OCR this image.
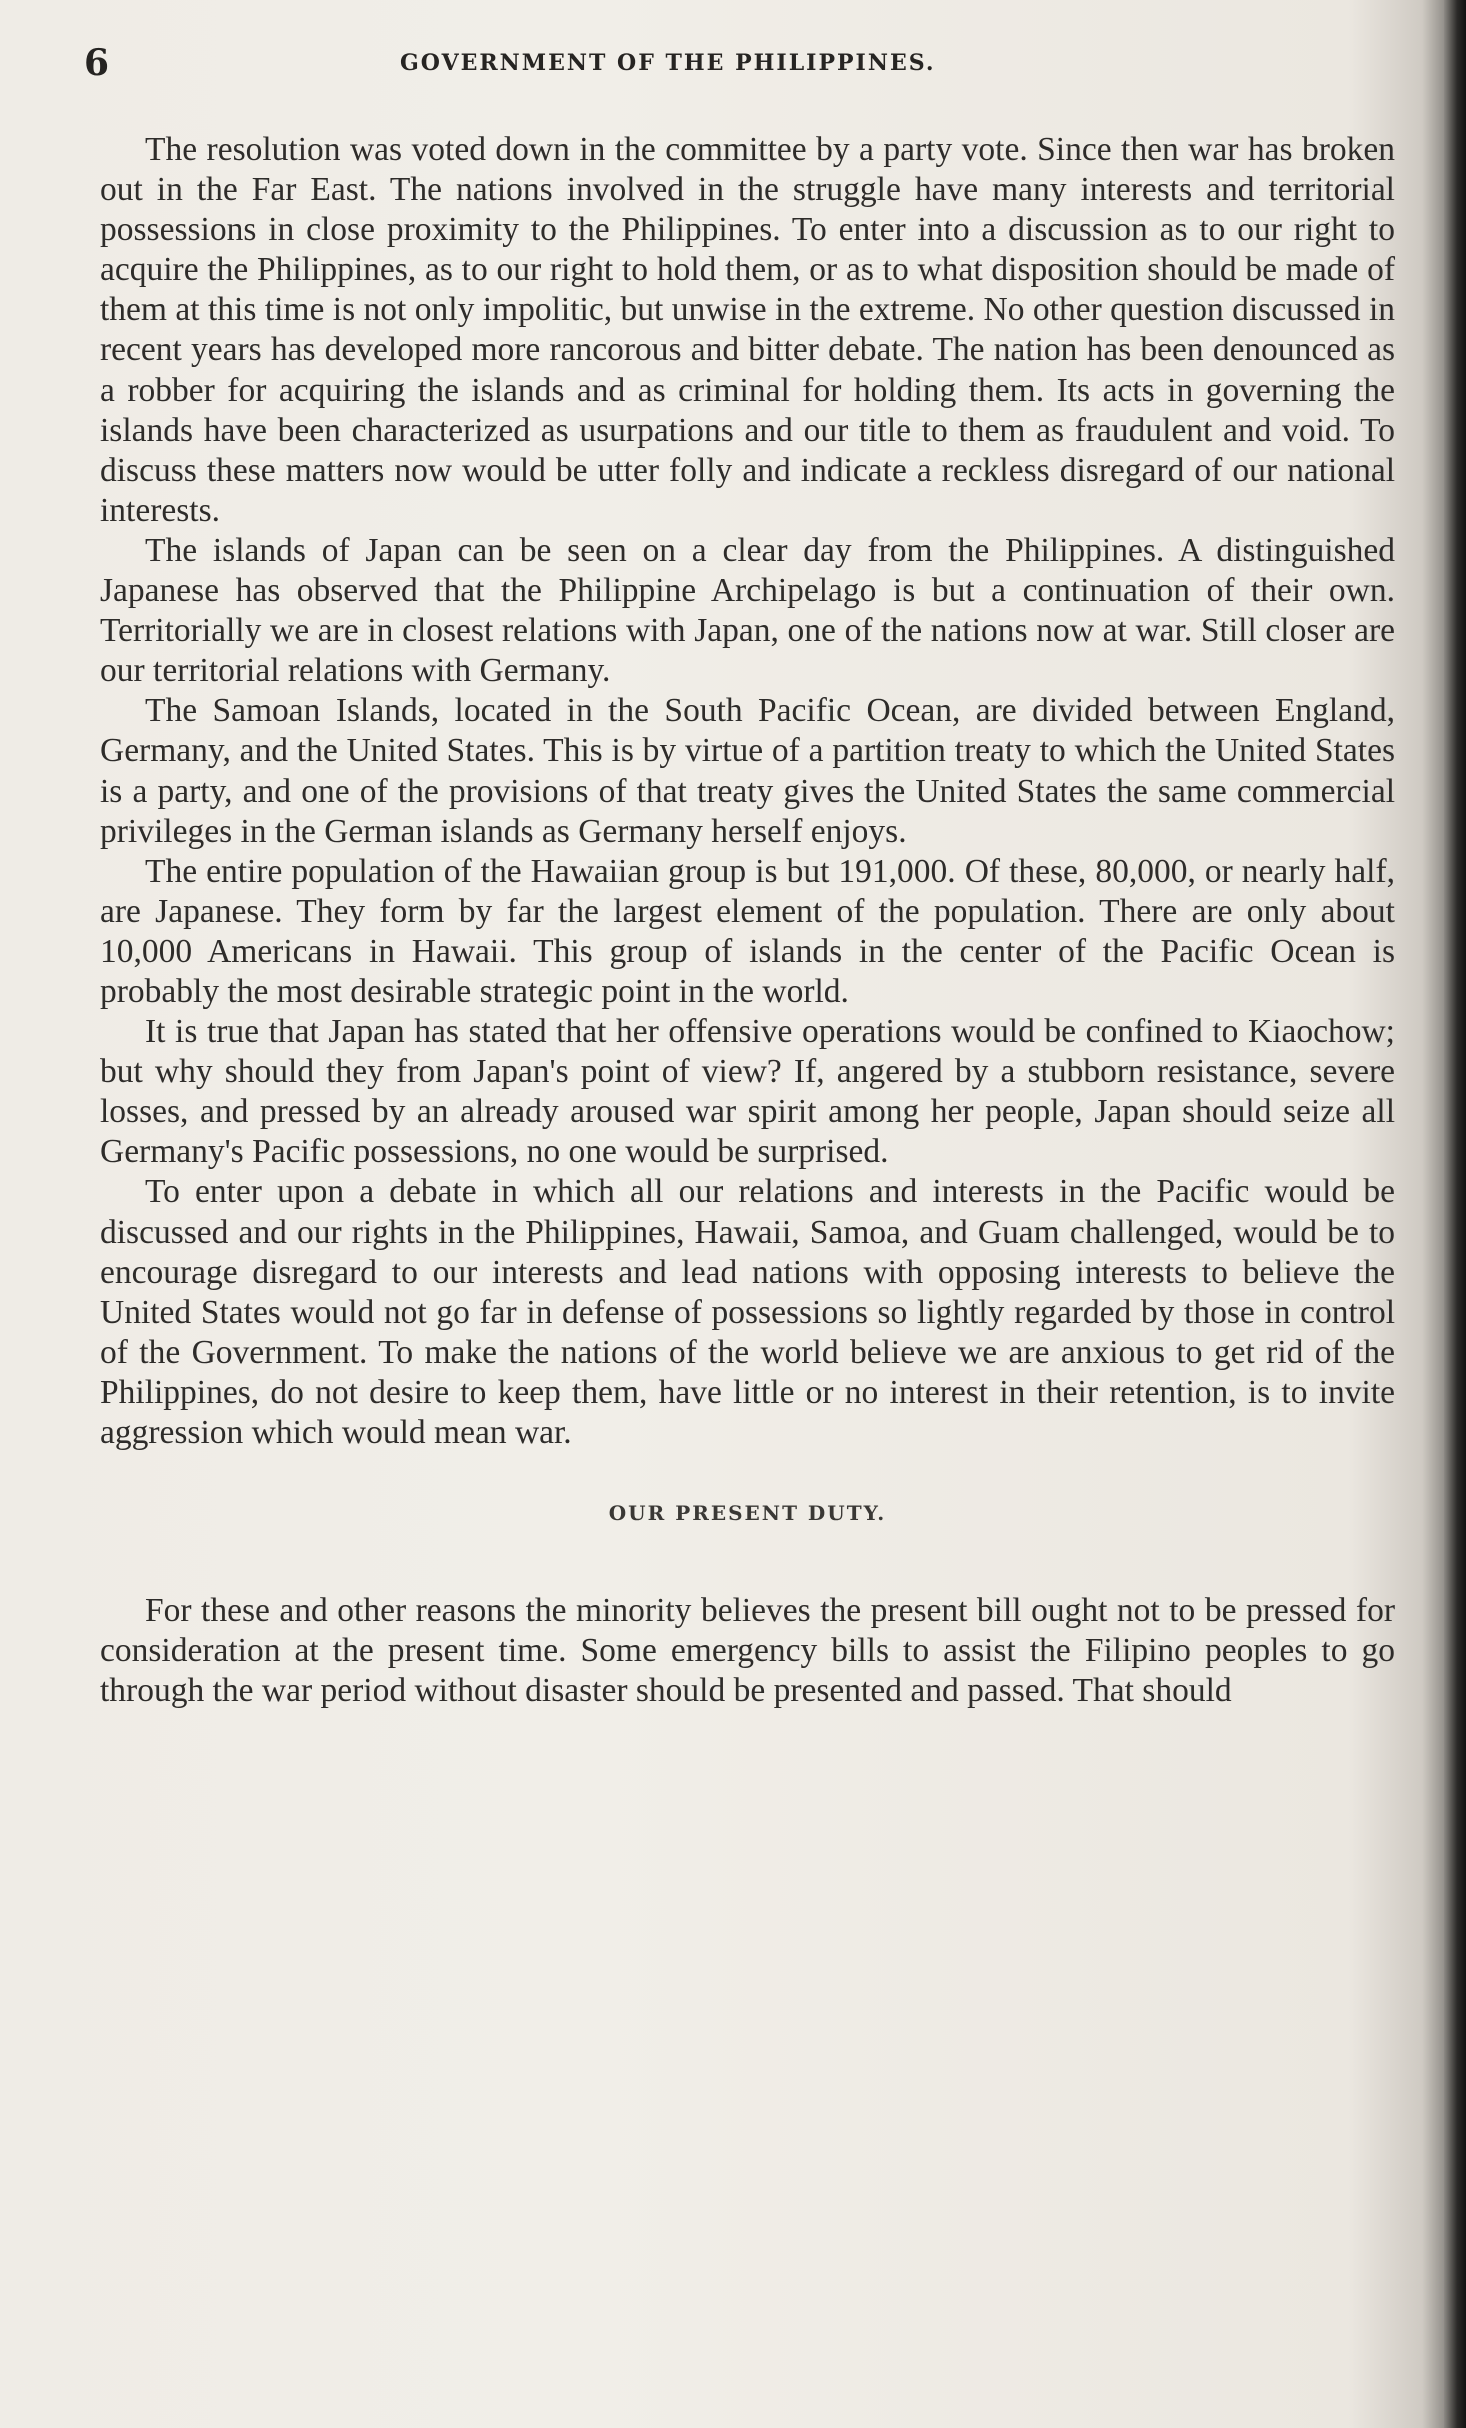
6	GOVERNMENT OF THE PHILIPPINES.

The resolution was voted down in the committee by a party vote. Since then war has broken out in the Far East. The nations involved in the struggle have many interests and territorial possessions in close proximity to the Philippines. To enter into a discussion as to our right to acquire the Philippines, as to our right to hold them, or as to what disposition should be made of them at this time is not only impolitic, but unwise in the extreme. No other question discussed in recent years has developed more rancorous and bitter debate. The nation has been denounced as a robber for acquiring the islands and as criminal for holding them. Its acts in governing the islands have been characterized as usurpations and our title to them as fraudulent and void. To discuss these matters now would be utter folly and indicate a reckless disregard of our national interests.

The islands of Japan can be seen on a clear day from the Philippines. A distinguished Japanese has observed that the Philippine Archipelago is but a continuation of their own. Territorially we are in closest relations with Japan, one of the nations now at war. Still closer are our territorial relations with Germany.

The Samoan Islands, located in the South Pacific Ocean, are divided between England, Germany, and the United States. This is by virtue of a partition treaty to which the United States is a party, and one of the provisions of that treaty gives the United States the same commercial privileges in the German islands as Germany herself enjoys.

The entire population of the Hawaiian group is but 191,000. Of these, 80,000, or nearly half, are Japanese. They form by far the largest element of the population. There are only about 10,000 Americans in Hawaii. This group of islands in the center of the Pacific Ocean is probably the most desirable strategic point in the world.

It is true that Japan has stated that her offensive operations would be confined to Kiaochow; but why should they from Japan's point of view? If, angered by a stubborn resistance, severe losses, and pressed by an already aroused war spirit among her people, Japan should seize all Germany's Pacific possessions, no one would be surprised.

To enter upon a debate in which all our relations and interests in the Pacific would be discussed and our rights in the Philippines, Hawaii, Samoa, and Guam challenged, would be to encourage disregard to our interests and lead nations with opposing interests to believe the United States would not go far in defense of possessions so lightly regarded by those in control of the Government. To make the nations of the world believe we are anxious to get rid of the Philippines, do not desire to keep them, have little or no interest in their retention, is to invite aggression which would mean war.

OUR PRESENT DUTY.

For these and other reasons the minority believes the present bill ought not to be pressed for consideration at the present time. Some emergency bills to assist the Filipino peoples to go through the war period without disaster should be presented and passed. That should
